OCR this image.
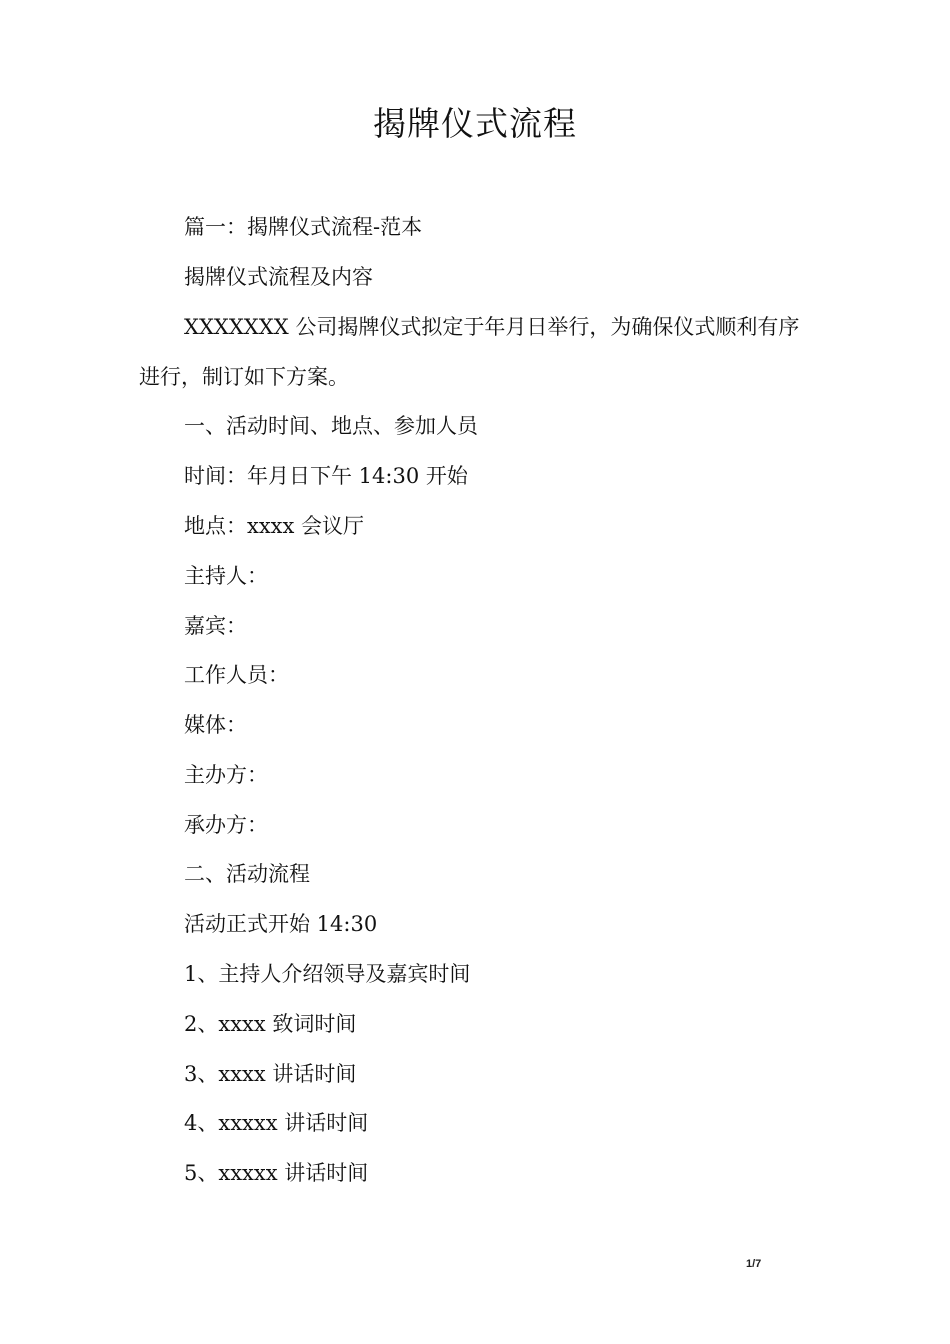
揭牌仪式流程
篇一：揭牌仪式流程-范本
揭牌仪式流程及内容
XXXXXXX 公司揭牌仪式拟定于年月日举行，为确保仪式顺利有序
进行，制订如下方案。
一、活动时间、地点、参加人员
时间：年月日下午 14:30 开始
地点：xxxx 会议厅
主持人：
嘉宾：
工作人员：
媒体：
主办方：
承办方：
二、活动流程
活动正式开始 14:30
1、主持人介绍领导及嘉宾时间
2、xxxx 致词时间
3、xxxx 讲话时间
4、xxxxx 讲话时间
5、xxxxx 讲话时间
1/7
